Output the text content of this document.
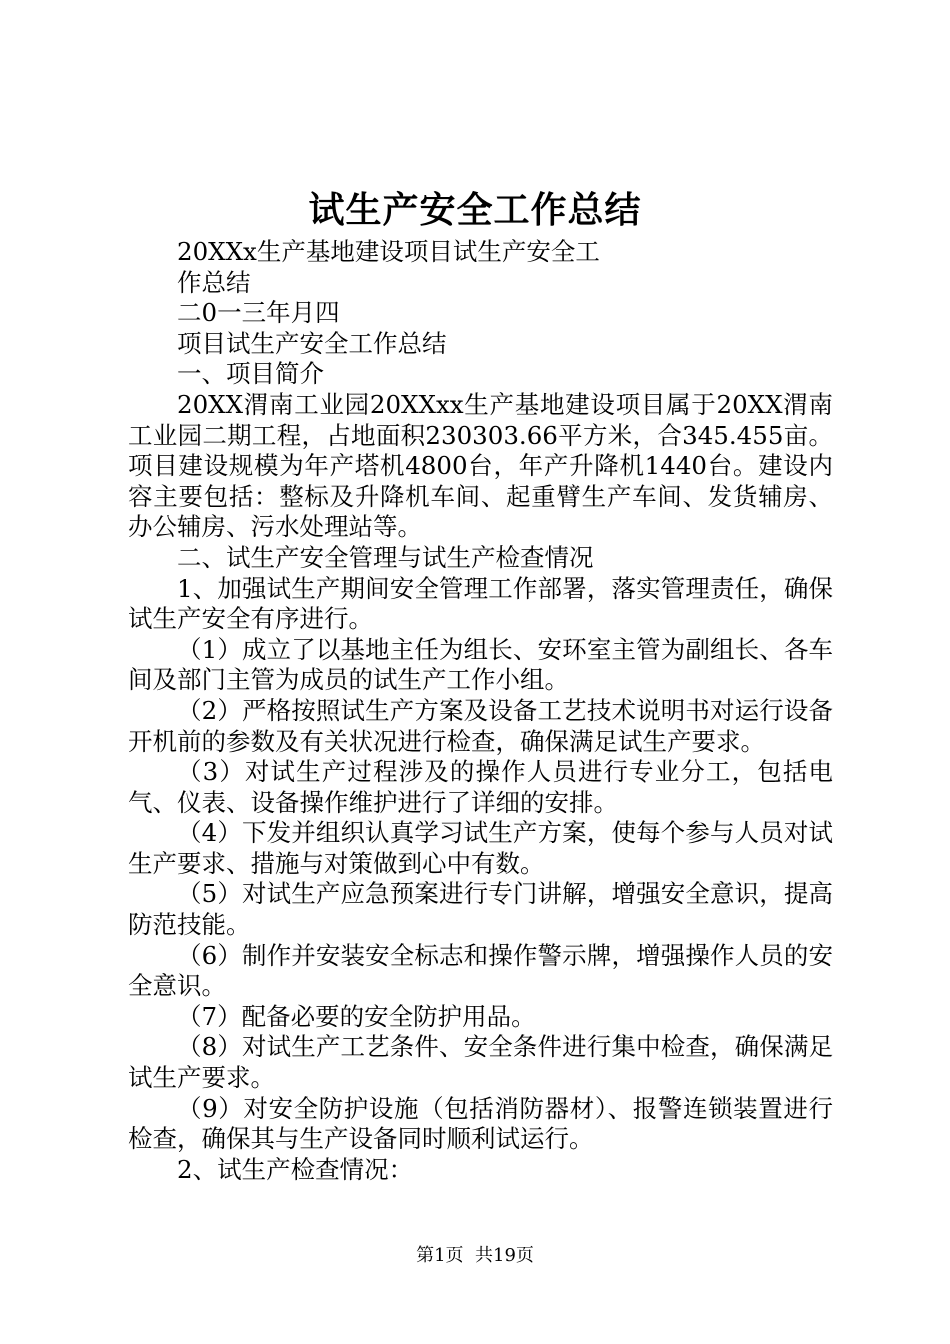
试生产安全工作总结
20XXx生产基地建设项目试生产安全工
作总结
二0一三年月四
项目试生产安全工作总结
一、项目简介

20XX渭南工业园20XXxx生产基地建设项目属于20XX渭南工业园二期工程，占地面积230303.66平方米，合345.455亩。项目建设规模为年产塔机4800台，年产升降机1440台。建设内容主要包括：整标及升降机车间、起重臂生产车间、发货辅房、办公辅房、污水处理站等。

二、试生产安全管理与试生产检查情况

1、加强试生产期间安全管理工作部署，落实管理责任，确保试生产安全有序进行。

（1）成立了以基地主任为组长、安环室主管为副组长、各车间及部门主管为成员的试生产工作小组。

（2）严格按照试生产方案及设备工艺技术说明书对运行设备开机前的参数及有关状况进行检查，确保满足试生产要求。

（3）对试生产过程涉及的操作人员进行专业分工，包括电气、仪表、设备操作维护进行了详细的安排。

（4）下发并组织认真学习试生产方案，使每个参与人员对试生产要求、措施与对策做到心中有数。

（5）对试生产应急预案进行专门讲解，增强安全意识，提高防范技能。

（6）制作并安装安全标志和操作警示牌，增强操作人员的安全意识。

（7）配备必要的安全防护用品。

（8）对试生产工艺条件、安全条件进行集中检查，确保满足试生产要求。

（9）对安全防护设施（包括消防器材）、报警连锁装置进行检查，确保其与生产设备同时顺利试运行。

2、试生产检查情况：

第1页  共19页
